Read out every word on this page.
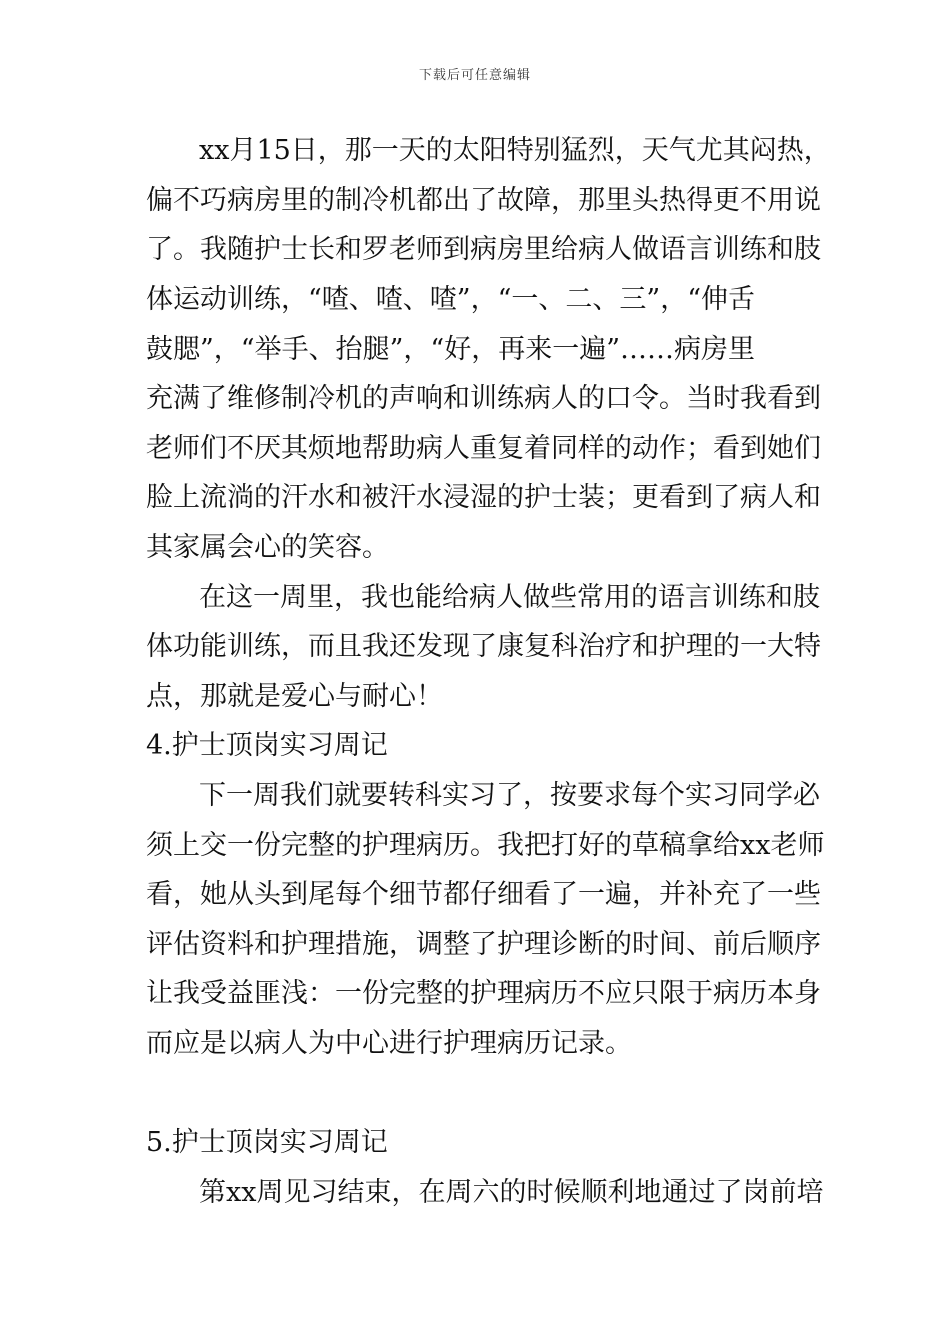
下载后可任意编辑
xx月15日，那一天的太阳特别猛烈，天气尤其闷热，
偏不巧病房里的制冷机都出了故障，那里头热得更不用说
了。我随护士长和罗老师到病房里给病人做语言训练和肢
体运动训练，“喳、喳、喳”，“一、二、三”，“伸舌
鼓腮”，“举手、抬腿”，“好，再来一遍”……病房里
充满了维修制冷机的声响和训练病人的口令。当时我看到
老师们不厌其烦地帮助病人重复着同样的动作；看到她们
脸上流淌的汗水和被汗水浸湿的护士装；更看到了病人和
其家属会心的笑容。
在这一周里，我也能给病人做些常用的语言训练和肢
体功能训练，而且我还发现了康复科治疗和护理的一大特
点，那就是爱心与耐心！
4.护士顶岗实习周记
下一周我们就要转科实习了，按要求每个实习同学必
须上交一份完整的护理病历。我把打好的草稿拿给xx老师
看，她从头到尾每个细节都仔细看了一遍，并补充了一些
评估资料和护理措施，调整了护理诊断的时间、前后顺序
让我受益匪浅：一份完整的护理病历不应只限于病历本身
而应是以病人为中心进行护理病历记录。
5.护士顶岗实习周记
第xx周见习结束，在周六的时候顺利地通过了岗前培
